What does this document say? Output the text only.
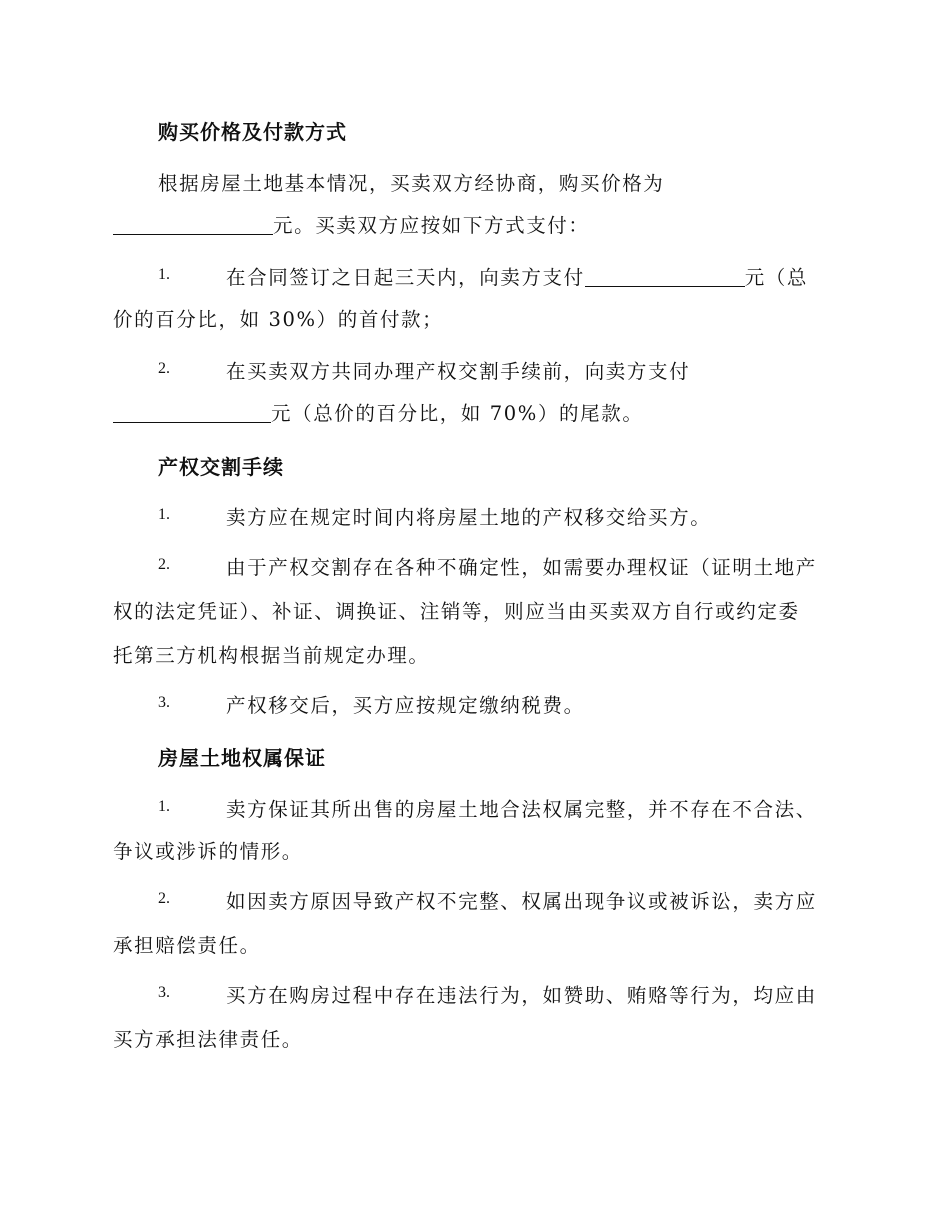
购买价格及付款方式
根据房屋土地基本情况，买卖双方经协商，购买价格为
元。买卖双方应按如下方式支付：
1.	在合同签订之日起三天内，向卖方支付	元（总
价的百分比，如 30%）的首付款；
2.	在买卖双方共同办理产权交割手续前，向卖方支付
元（总价的百分比，如 70%）的尾款。
产权交割手续
1.	卖方应在规定时间内将房屋土地的产权移交给买方。
2.	由于产权交割存在各种不确定性，如需要办理权证（证明土地产
权的法定凭证）、补证、调换证、注销等，则应当由买卖双方自行或约定委
托第三方机构根据当前规定办理。
3.	产权移交后，买方应按规定缴纳税费。
房屋土地权属保证
1.	卖方保证其所出售的房屋土地合法权属完整，并不存在不合法、
争议或涉诉的情形。
2.	如因卖方原因导致产权不完整、权属出现争议或被诉讼，卖方应
承担赔偿责任。
3.	买方在购房过程中存在违法行为，如赞助、贿赂等行为，均应由
买方承担法律责任。
